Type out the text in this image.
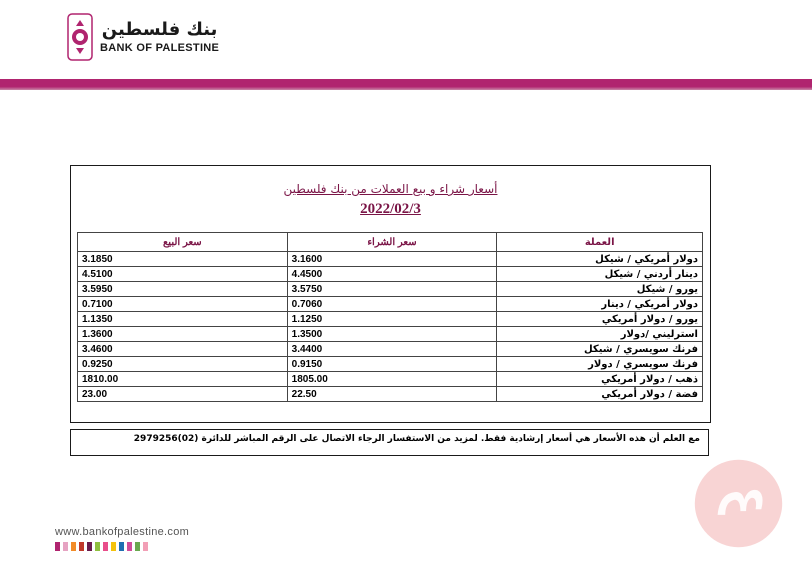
بنك فلسطين
BANK OF PALESTINE
أسعار شراء و بيع العملات من بنك فلسطين
2022/02/3
سعر البيع	سعر الشراء	العملة
3.1850	3.1600	دولار أمريكي / شيكل
4.5100	4.4500	دينار أردني / شيكل
3.5950	3.5750	يورو / شيكل
0.7100	0.7060	دولار أمريكي / دينار
1.1350	1.1250	يورو / دولار أمريكي
1.3600	1.3500	استرليني /دولار
3.4600	3.4400	فرنك سويسري / شيكل
0.9250	0.9150	فرنك سويسري / دولار
1810.00	1805.00	ذهب / دولار أمريكي
23.00	22.50	فضة / دولار أمريكي
مع العلم أن هذه الأسعار هي أسعار إرشادية فقط. لمزيد من الاستفسار الرجاء الاتصال على الرقم المباشر للدائرة (02)2979256
www.bankofpalestine.com
